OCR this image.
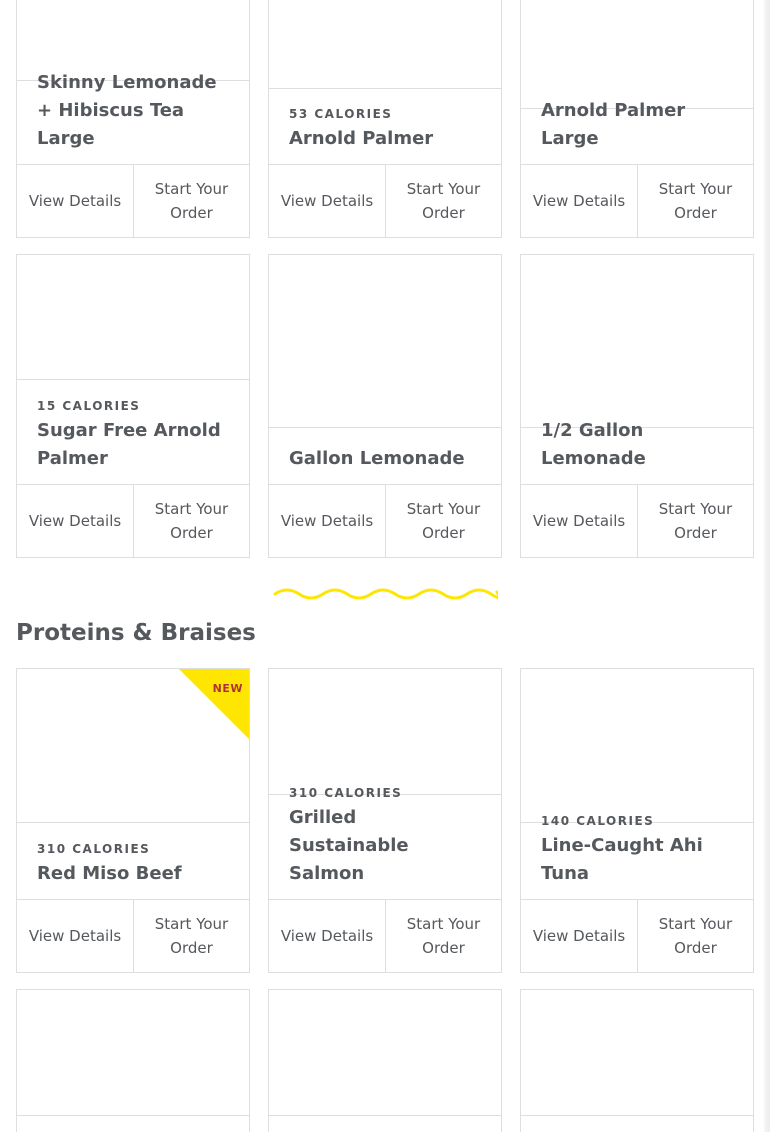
Skinny Lemonade + Hibiscus Tea Large
View Details
Start Your Order
53 CALORIES
Arnold Palmer
View Details
Start Your Order
Arnold Palmer Large
View Details
Start Your Order
15 CALORIES
Sugar Free Arnold Palmer
View Details
Start Your Order
Gallon Lemonade
View Details
Start Your Order
1/2 Gallon Lemonade
View Details
Start Your Order
Proteins & Braises
NEW
310 CALORIES
Red Miso Beef
View Details
Start Your Order
310 CALORIES
Grilled Sustainable Salmon
View Details
Start Your Order
140 CALORIES
Line-Caught Ahi Tuna
View Details
Start Your Order
